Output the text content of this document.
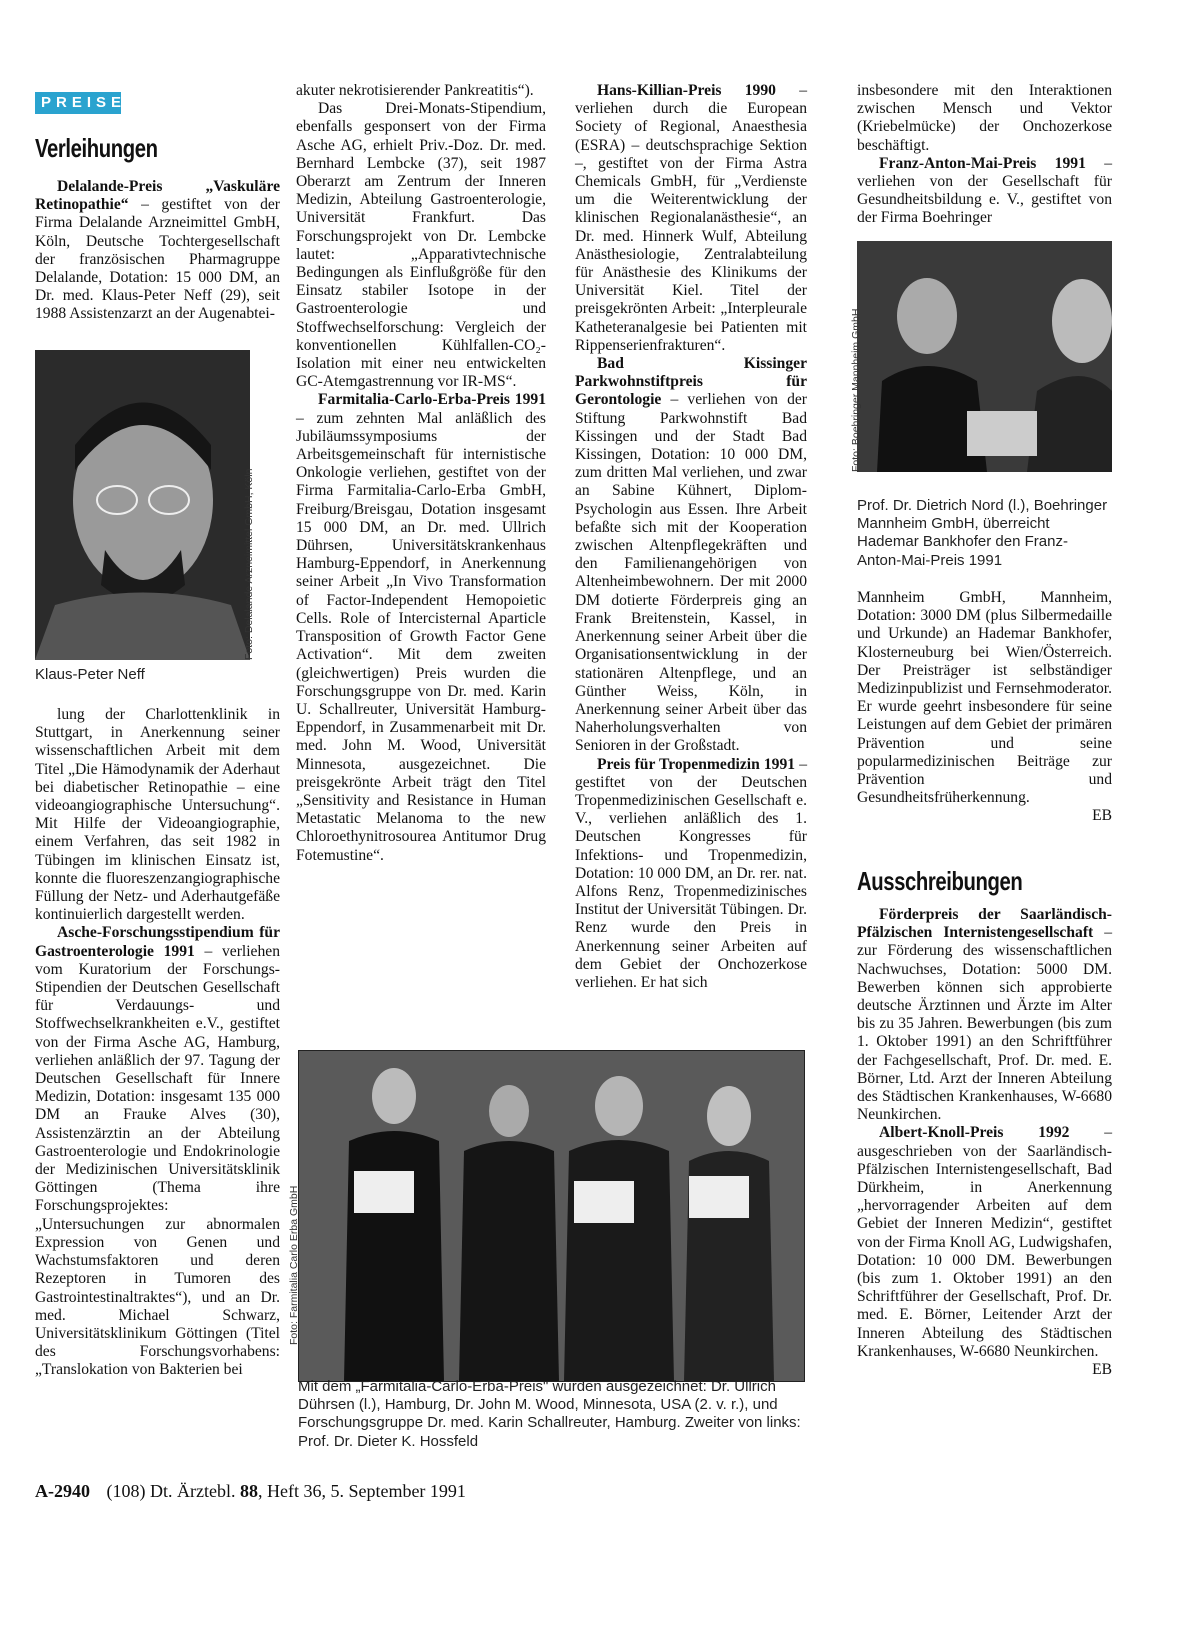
PREISE
Verleihungen

Delalande-Preis „Vaskuläre Retinopathie“ – gestiftet von der Firma Delalande Arzneimittel GmbH, Köln, Deutsche Tochtergesellschaft der französischen Pharmagruppe Delalande, Dotation: 15 000 DM, an Dr. med. Klaus-Peter Neff (29), seit 1988 Assistenzarzt an der Augenabtei-

Foto: Delalande Arzneimittel GmbH, Köln
Klaus-Peter Neff

lung der Charlottenklinik in Stuttgart, in Anerkennung seiner wissenschaftlichen Arbeit mit dem Titel „Die Hämodynamik der Aderhaut bei diabetischer Retinopathie – eine videoangiographische Untersuchung“. Mit Hilfe der Videoangiographie, einem Verfahren, das seit 1982 in Tübingen im klinischen Einsatz ist, konnte die fluoreszenzangiographische Füllung der Netz- und Aderhautgefäße kontinuierlich dargestellt werden.

Asche-Forschungsstipendium für Gastroenterologie 1991 – verliehen vom Kuratorium der Forschungs-Stipendien der Deutschen Gesellschaft für Verdauungs- und Stoffwechselkrankheiten e.V., gestiftet von der Firma Asche AG, Hamburg, verliehen anläßlich der 97. Tagung der Deutschen Gesellschaft für Innere Medizin, Dotation: insgesamt 135 000 DM an Frauke Alves (30), Assistenzärztin an der Abteilung Gastroenterologie und Endokrinologie der Medizinischen Universitätsklinik Göttingen (Thema ihre Forschungsprojektes: „Untersuchungen zur abnormalen Expression von Genen und Wachstumsfaktoren und deren Rezeptoren in Tumoren des Gastrointestinaltraktes“), und an Dr. med. Michael Schwarz, Universitätsklinikum Göttingen (Titel des Forschungsvorhabens: „Translokation von Bakterien bei

akuter nekrotisierender Pankreatitis“).

Das Drei-Monats-Stipendium, ebenfalls gesponsert von der Firma Asche AG, erhielt Priv.-Doz. Dr. med. Bernhard Lembcke (37), seit 1987 Oberarzt am Zentrum der Inneren Medizin, Abteilung Gastroenterologie, Universität Frankfurt. Das Forschungsprojekt von Dr. Lembcke lautet: „Apparativtechnische Bedingungen als Einflußgröße für den Einsatz stabiler Isotope in der Gastroenterologie und Stoffwechselforschung: Vergleich der konventionellen Kühlfallen-CO₂-Isolation mit einer neu entwickelten GC-Atemgastrennung vor IR-MS“.

Farmitalia-Carlo-Erba-Preis 1991 – zum zehnten Mal anläßlich des Jubiläumssymposiums der Arbeitsgemeinschaft für internistische Onkologie verliehen, gestiftet von der Firma Farmitalia-Carlo-Erba GmbH, Freiburg/Breisgau, Dotation insgesamt 15 000 DM, an Dr. med. Ullrich Dührsen, Universitätskrankenhaus Hamburg-Eppendorf, in Anerkennung seiner Arbeit „In Vivo Transformation of Factor-Independent Hemopoietic Cells. Role of Intercisternal Aparticle Transposition of Growth Factor Gene Activation“. Mit dem zweiten (gleichwertigen) Preis wurden die Forschungsgruppe von Dr. med. Karin U. Schallreuter, Universität Hamburg-Eppendorf, in Zusammenarbeit mit Dr. med. John M. Wood, Universität Minnesota, ausgezeichnet. Die preisgekrönte Arbeit trägt den Titel „Sensitivity and Resistance in Human Metastatic Melanoma to the new Chloroethynitrosourea Antitumor Drug Fotemustine“.

Hans-Killian-Preis 1990 – verliehen durch die European Society of Regional, Anaesthesia (ESRA) – deutschsprachige Sektion –, gestiftet von der Firma Astra Chemicals GmbH, für „Verdienste um die Weiterentwicklung der klinischen Regionalanästhesie“, an Dr. med. Hinnerk Wulf, Abteilung Anästhesiologie, Zentralabteilung für Anästhesie des Klinikums der Universität Kiel. Titel der preisgekrönten Arbeit: „Interpleurale Katheteranalgesie bei Patienten mit Rippenserienfrakturen“.

Bad Kissinger Parkwohnstiftpreis für Gerontologie – verliehen von der Stiftung Parkwohnstift Bad Kissingen und der Stadt Bad Kissingen, Dotation: 10 000 DM, zum dritten Mal verliehen, und zwar an Sabine Kühnert, Diplom-Psychologin aus Essen. Ihre Arbeit befaßte sich mit der Kooperation zwischen Altenpflegekräften und den Familienangehörigen von Altenheimbewohnern. Der mit 2000 DM dotierte Förderpreis ging an Frank Breitenstein, Kassel, in Anerkennung seiner Arbeit über die Organisationsentwicklung in der stationären Altenpflege, und an Günther Weiss, Köln, in Anerkennung seiner Arbeit über das Naherholungsverhalten von Senioren in der Großstadt.

Preis für Tropenmedizin 1991 – gestiftet von der Deutschen Tropenmedizinischen Gesellschaft e. V., verliehen anläßlich des 1. Deutschen Kongresses für Infektions- und Tropenmedizin, Dotation: 10 000 DM, an Dr. rer. nat. Alfons Renz, Tropenmedizinisches Institut der Universität Tübingen. Dr. Renz wurde den Preis in Anerkennung seiner Arbeiten auf dem Gebiet der Onchozerkose verliehen. Er hat sich

insbesondere mit den Interaktionen zwischen Mensch und Vektor (Kriebelmücke) der Onchozerkose beschäftigt.

Franz-Anton-Mai-Preis 1991 – verliehen von der Gesellschaft für Gesundheitsbildung e. V., gestiftet von der Firma Boehringer

Foto: Boehringer Mannheim GmbH
Prof. Dr. Dietrich Nord (l.), Boehringer Mannheim GmbH, überreicht Hademar Bankhofer den Franz-Anton-Mai-Preis 1991

Mannheim GmbH, Mannheim, Dotation: 3000 DM (plus Silbermedaille und Urkunde) an Hademar Bankhofer, Klosterneuburg bei Wien/Österreich. Der Preisträger ist selbständiger Medizinpublizist und Fernsehmoderator. Er wurde geehrt insbesondere für seine Leistungen auf dem Gebiet der primären Prävention und seine popularmedizinischen Beiträge zur Prävention und Gesundheitsfrüherkennung.

EB

Ausschreibungen

Förderpreis der Saarländisch-Pfälzischen Internistengesellschaft – zur Förderung des wissenschaftlichen Nachwuchses, Dotation: 5000 DM. Bewerben können sich approbierte deutsche Ärztinnen und Ärzte im Alter bis zu 35 Jahren. Bewerbungen (bis zum 1. Oktober 1991) an den Schriftführer der Fachgesellschaft, Prof. Dr. med. E. Börner, Ltd. Arzt der Inneren Abteilung des Städtischen Krankenhauses, W-6680 Neunkirchen.

Albert-Knoll-Preis 1992 – ausgeschrieben von der Saarländisch-Pfälzischen Internistengesellschaft, Bad Dürkheim, in Anerkennung „hervorragender Arbeiten auf dem Gebiet der Inneren Medizin“, gestiftet von der Firma Knoll AG, Ludwigshafen, Dotation: 10 000 DM. Bewerbungen (bis zum 1. Oktober 1991) an den Schriftführer der Gesellschaft, Prof. Dr. med. E. Börner, Leitender Arzt der Inneren Abteilung des Städtischen Krankenhauses, W-6680 Neunkirchen.

EB

Foto: Farmitalia Carlo Erba GmbH
Mit dem „Farmitalia-Carlo-Erba-Preis" wurden ausgezeichnet: Dr. Ullrich Dührsen (l.), Hamburg, Dr. John M. Wood, Minnesota, USA (2. v. r.), und Forschungsgruppe Dr. med. Karin Schallreuter, Hamburg. Zweiter von links: Prof. Dr. Dieter K. Hossfeld
A-2940 (108) Dt. Ärztebl. 88, Heft 36, 5. September 1991
